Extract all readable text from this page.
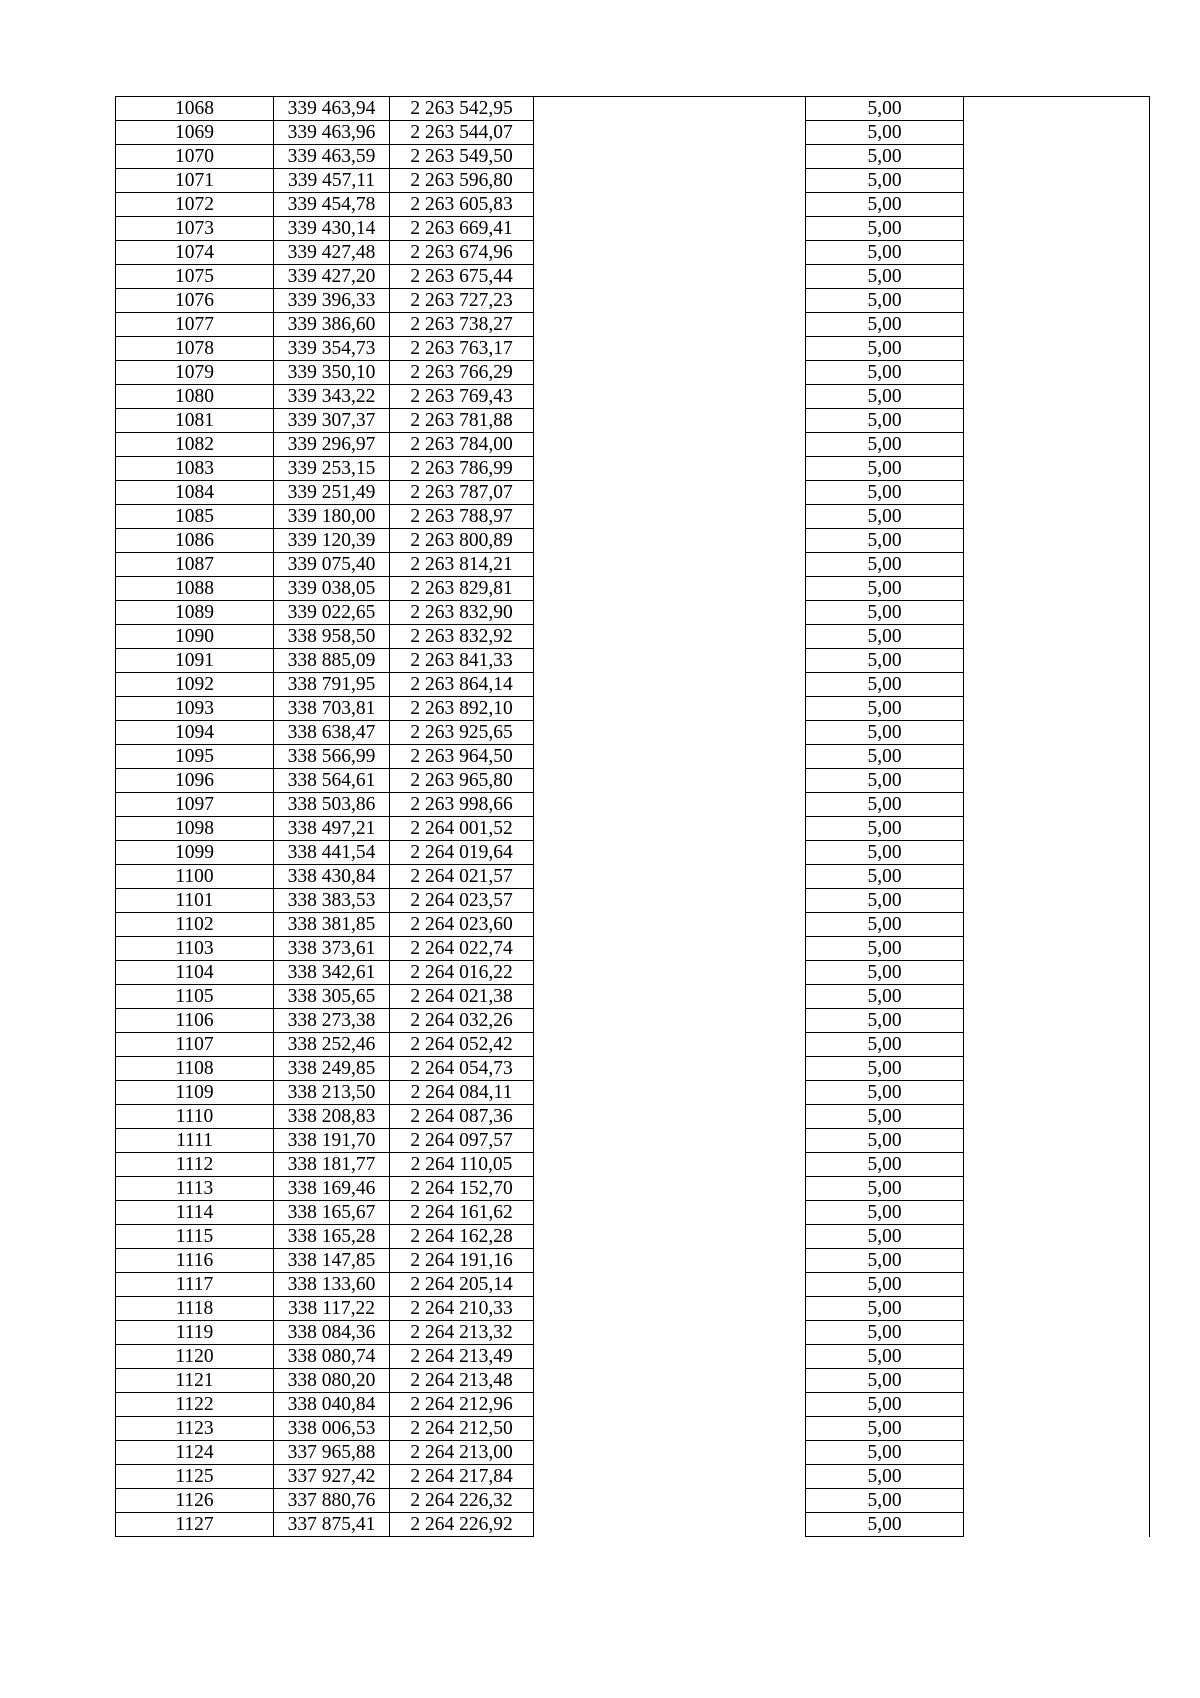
1068	339 463,94	2 263 542,95		5,00	
1069	339 463,96	2 263 544,07		5,00	
1070	339 463,59	2 263 549,50		5,00	
1071	339 457,11	2 263 596,80		5,00	
1072	339 454,78	2 263 605,83		5,00	
1073	339 430,14	2 263 669,41		5,00	
1074	339 427,48	2 263 674,96		5,00	
1075	339 427,20	2 263 675,44		5,00	
1076	339 396,33	2 263 727,23		5,00	
1077	339 386,60	2 263 738,27		5,00	
1078	339 354,73	2 263 763,17		5,00	
1079	339 350,10	2 263 766,29		5,00	
1080	339 343,22	2 263 769,43		5,00	
1081	339 307,37	2 263 781,88		5,00	
1082	339 296,97	2 263 784,00		5,00	
1083	339 253,15	2 263 786,99		5,00	
1084	339 251,49	2 263 787,07		5,00	
1085	339 180,00	2 263 788,97		5,00	
1086	339 120,39	2 263 800,89		5,00	
1087	339 075,40	2 263 814,21		5,00	
1088	339 038,05	2 263 829,81		5,00	
1089	339 022,65	2 263 832,90		5,00	
1090	338 958,50	2 263 832,92		5,00	
1091	338 885,09	2 263 841,33		5,00	
1092	338 791,95	2 263 864,14		5,00	
1093	338 703,81	2 263 892,10		5,00	
1094	338 638,47	2 263 925,65		5,00	
1095	338 566,99	2 263 964,50		5,00	
1096	338 564,61	2 263 965,80		5,00	
1097	338 503,86	2 263 998,66		5,00	
1098	338 497,21	2 264 001,52		5,00	
1099	338 441,54	2 264 019,64		5,00	
1100	338 430,84	2 264 021,57		5,00	
1101	338 383,53	2 264 023,57		5,00	
1102	338 381,85	2 264 023,60		5,00	
1103	338 373,61	2 264 022,74		5,00	
1104	338 342,61	2 264 016,22		5,00	
1105	338 305,65	2 264 021,38		5,00	
1106	338 273,38	2 264 032,26		5,00	
1107	338 252,46	2 264 052,42		5,00	
1108	338 249,85	2 264 054,73		5,00	
1109	338 213,50	2 264 084,11		5,00	
1110	338 208,83	2 264 087,36		5,00	
1111	338 191,70	2 264 097,57		5,00	
1112	338 181,77	2 264 110,05		5,00	
1113	338 169,46	2 264 152,70		5,00	
1114	338 165,67	2 264 161,62		5,00	
1115	338 165,28	2 264 162,28		5,00	
1116	338 147,85	2 264 191,16		5,00	
1117	338 133,60	2 264 205,14		5,00	
1118	338 117,22	2 264 210,33		5,00	
1119	338 084,36	2 264 213,32		5,00	
1120	338 080,74	2 264 213,49		5,00	
1121	338 080,20	2 264 213,48		5,00	
1122	338 040,84	2 264 212,96		5,00	
1123	338 006,53	2 264 212,50		5,00	
1124	337 965,88	2 264 213,00		5,00	
1125	337 927,42	2 264 217,84		5,00	
1126	337 880,76	2 264 226,32		5,00	
1127	337 875,41	2 264 226,92		5,00	
